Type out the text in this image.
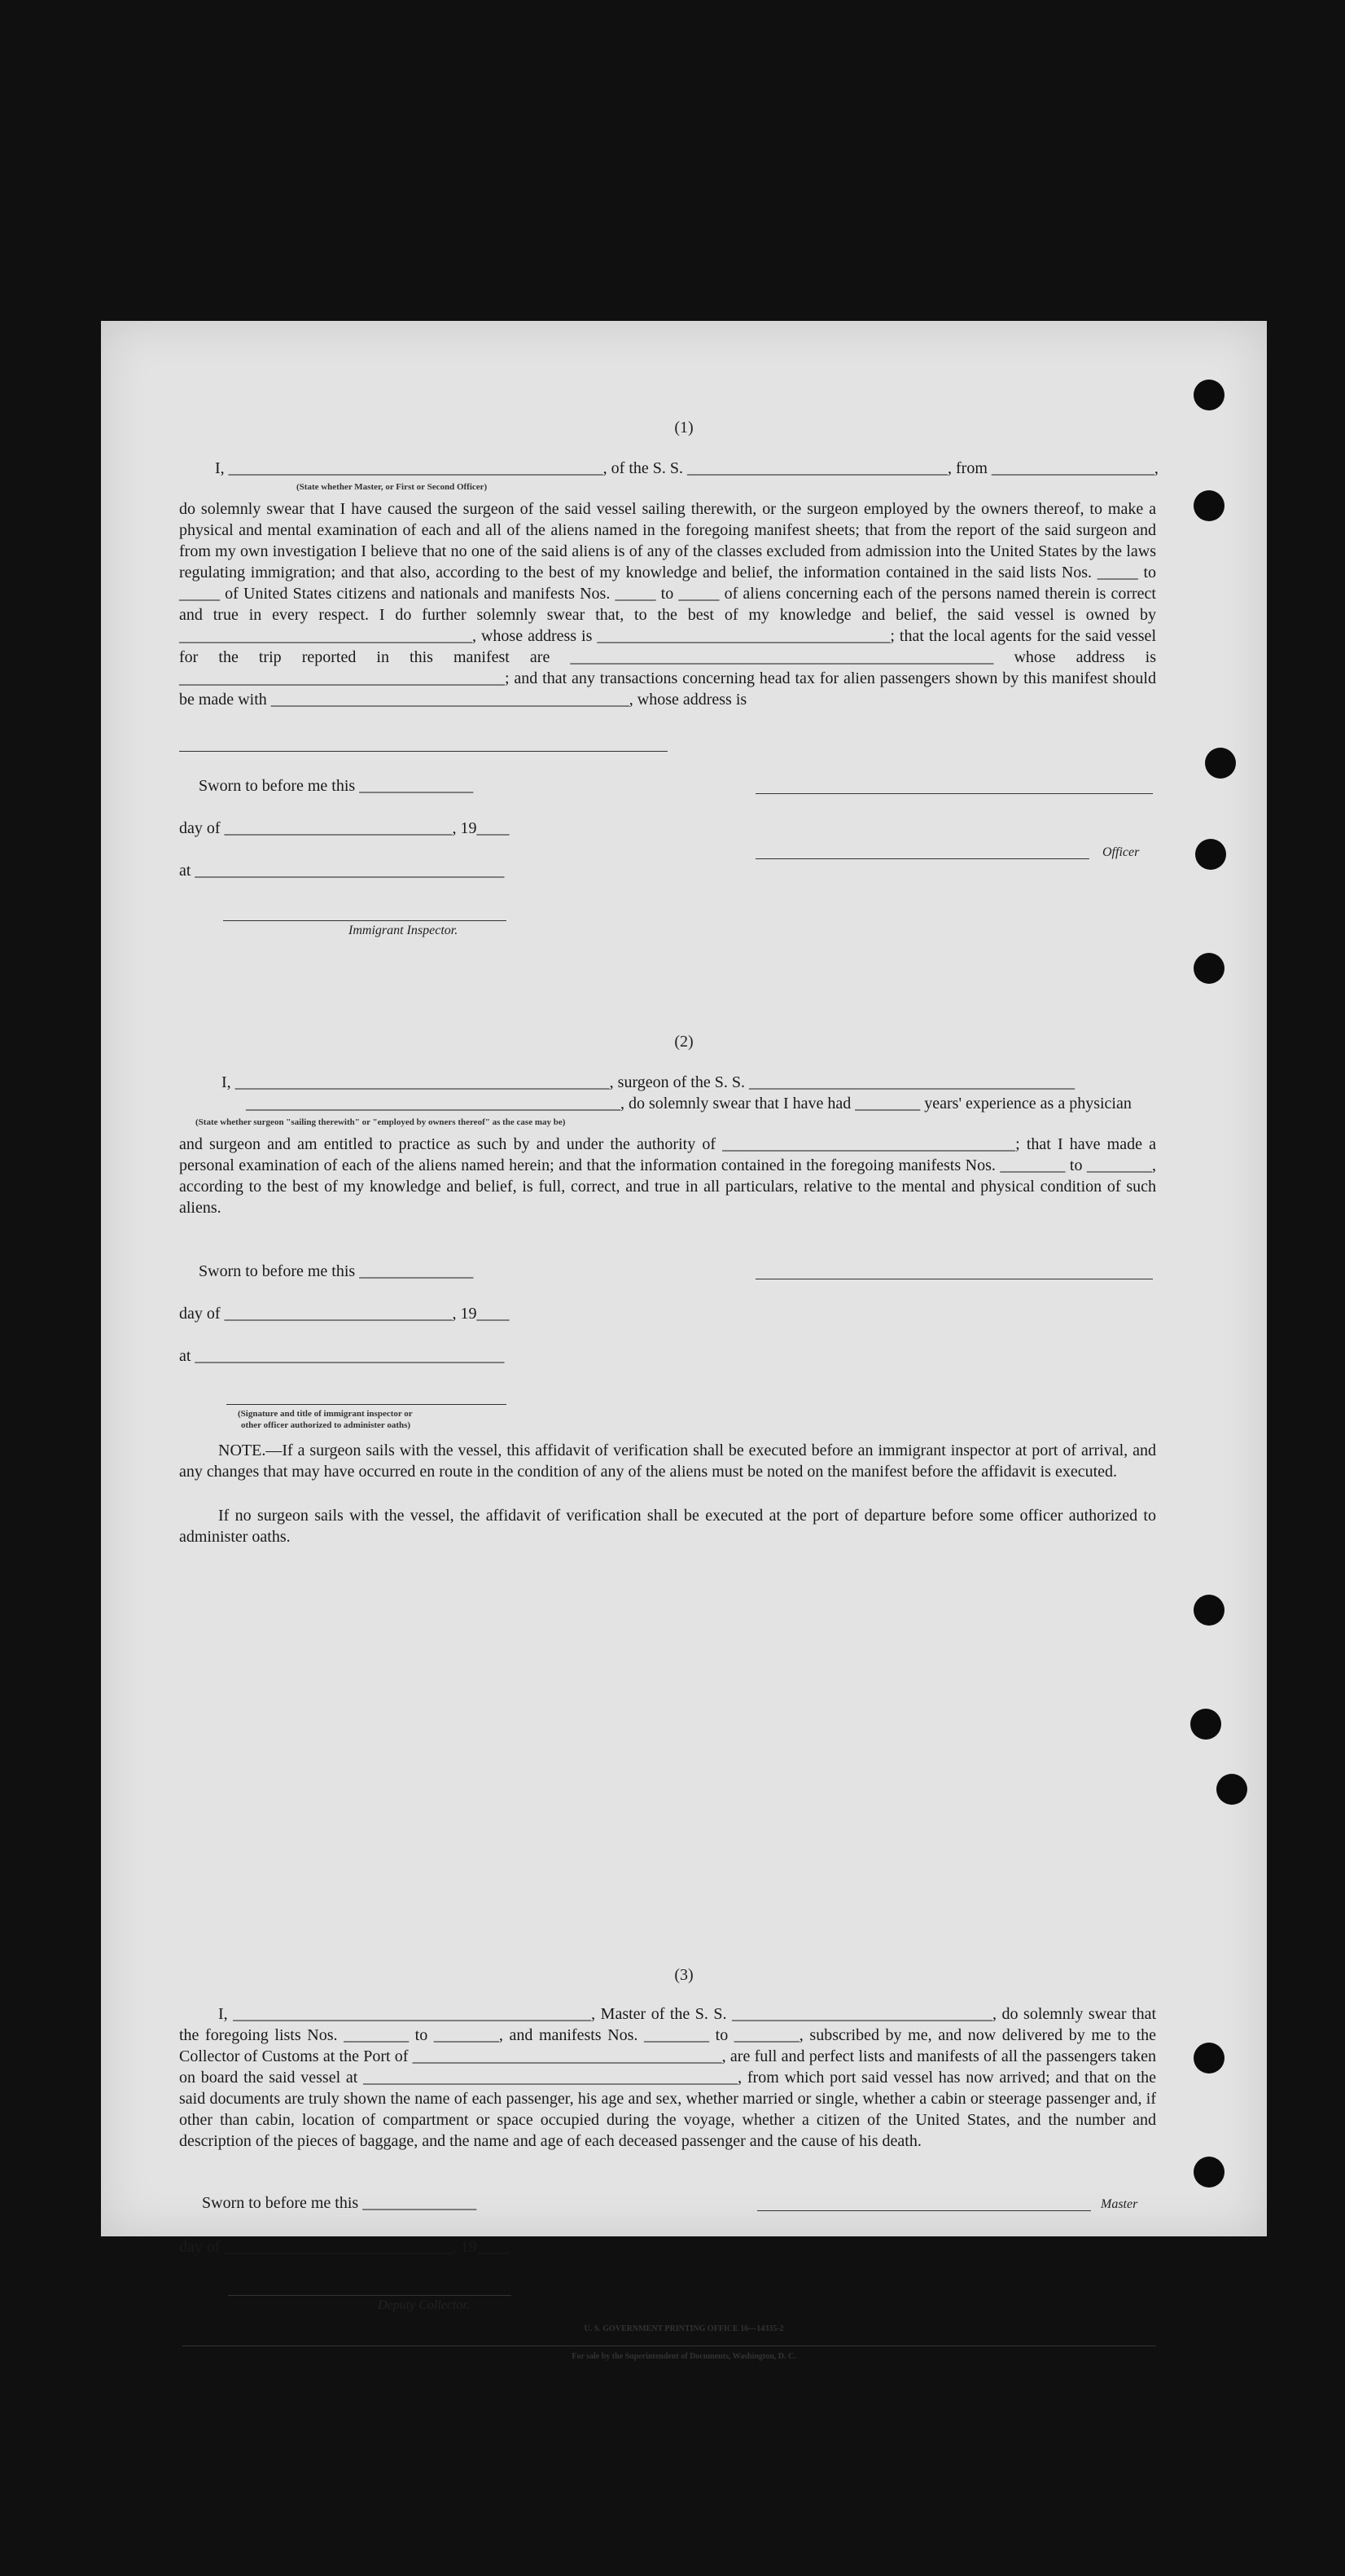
(1)
I, ______________________________________________, of the S. S. ________________________________, from ____________________,
(State whether Master, or First or Second Officer)
do solemnly swear that I have caused the surgeon of the said vessel sailing therewith, or the surgeon employed by the owners thereof, to make a physical and mental examination of each and all of the aliens named in the foregoing manifest sheets; that from the report of the said surgeon and from my own investigation I believe that no one of the said aliens is of any of the classes excluded from admission into the United States by the laws regulating immigration; and that also, according to the best of my knowledge and belief, the information contained in the said lists Nos. _____ to _____ of United States citizens and nationals and manifests Nos. _____ to _____ of aliens concerning each of the persons named therein is correct and true in every respect. I do further solemnly swear that, to the best of my knowledge and belief, the said vessel is owned by ____________________________________, whose address is ____________________________________; that the local agents for the said vessel for the trip reported in this manifest are ____________________________________________________ whose address is ________________________________________; and that any transactions concerning head tax for alien passengers shown by this manifest should be made with ____________________________________________, whose address is
Sworn to before me this ______________
day of ____________________________, 19____
Officer
at ______________________________________
Immigrant Inspector.
(2)
I, ______________________________________________, surgeon of the S. S. ________________________________________
______________________________________________, do solemnly swear that I have had ________ years' experience as a physician
(State whether surgeon "sailing therewith" or "employed by owners thereof" as the case may be)
and surgeon and am entitled to practice as such by and under the authority of ____________________________________; that I have made a personal examination of each of the aliens named herein; and that the information contained in the foregoing manifests Nos. ________ to ________, according to the best of my knowledge and belief, is full, correct, and true in all particulars, relative to the mental and physical condition of such aliens.
Sworn to before me this ______________
day of ____________________________, 19____
at ______________________________________
(Signature and title of immigrant inspector or
other officer authorized to administer oaths)
NOTE.—If a surgeon sails with the vessel, this affidavit of verification shall be executed before an immigrant inspector at port of arrival, and any changes that may have occurred en route in the condition of any of the aliens must be noted on the manifest before the affidavit is executed.
If no surgeon sails with the vessel, the affidavit of verification shall be executed at the port of departure before some officer authorized to administer oaths.
(3)
I, ____________________________________________, Master of the S. S. ________________________________, do solemnly swear that the foregoing lists Nos. ________ to ________, and manifests Nos. ________ to ________, subscribed by me, and now delivered by me to the Collector of Customs at the Port of ______________________________________, are full and perfect lists and manifests of all the passengers taken on board the said vessel at ______________________________________________, from which port said vessel has now arrived; and that on the said documents are truly shown the name of each passenger, his age and sex, whether married or single, whether a cabin or steerage passenger and, if other than cabin, location of compartment or space occupied during the voyage, whether a citizen of the United States, and the number and description of the pieces of baggage, and the name and age of each deceased passenger and the cause of his death.
Sworn to before me this ______________	Master
day of ____________________________, 19____
Deputy Collector.
U. S. GOVERNMENT PRINTING OFFICE 16—14335-2
For sale by the Superintendent of Documents, Washington, D. C.
